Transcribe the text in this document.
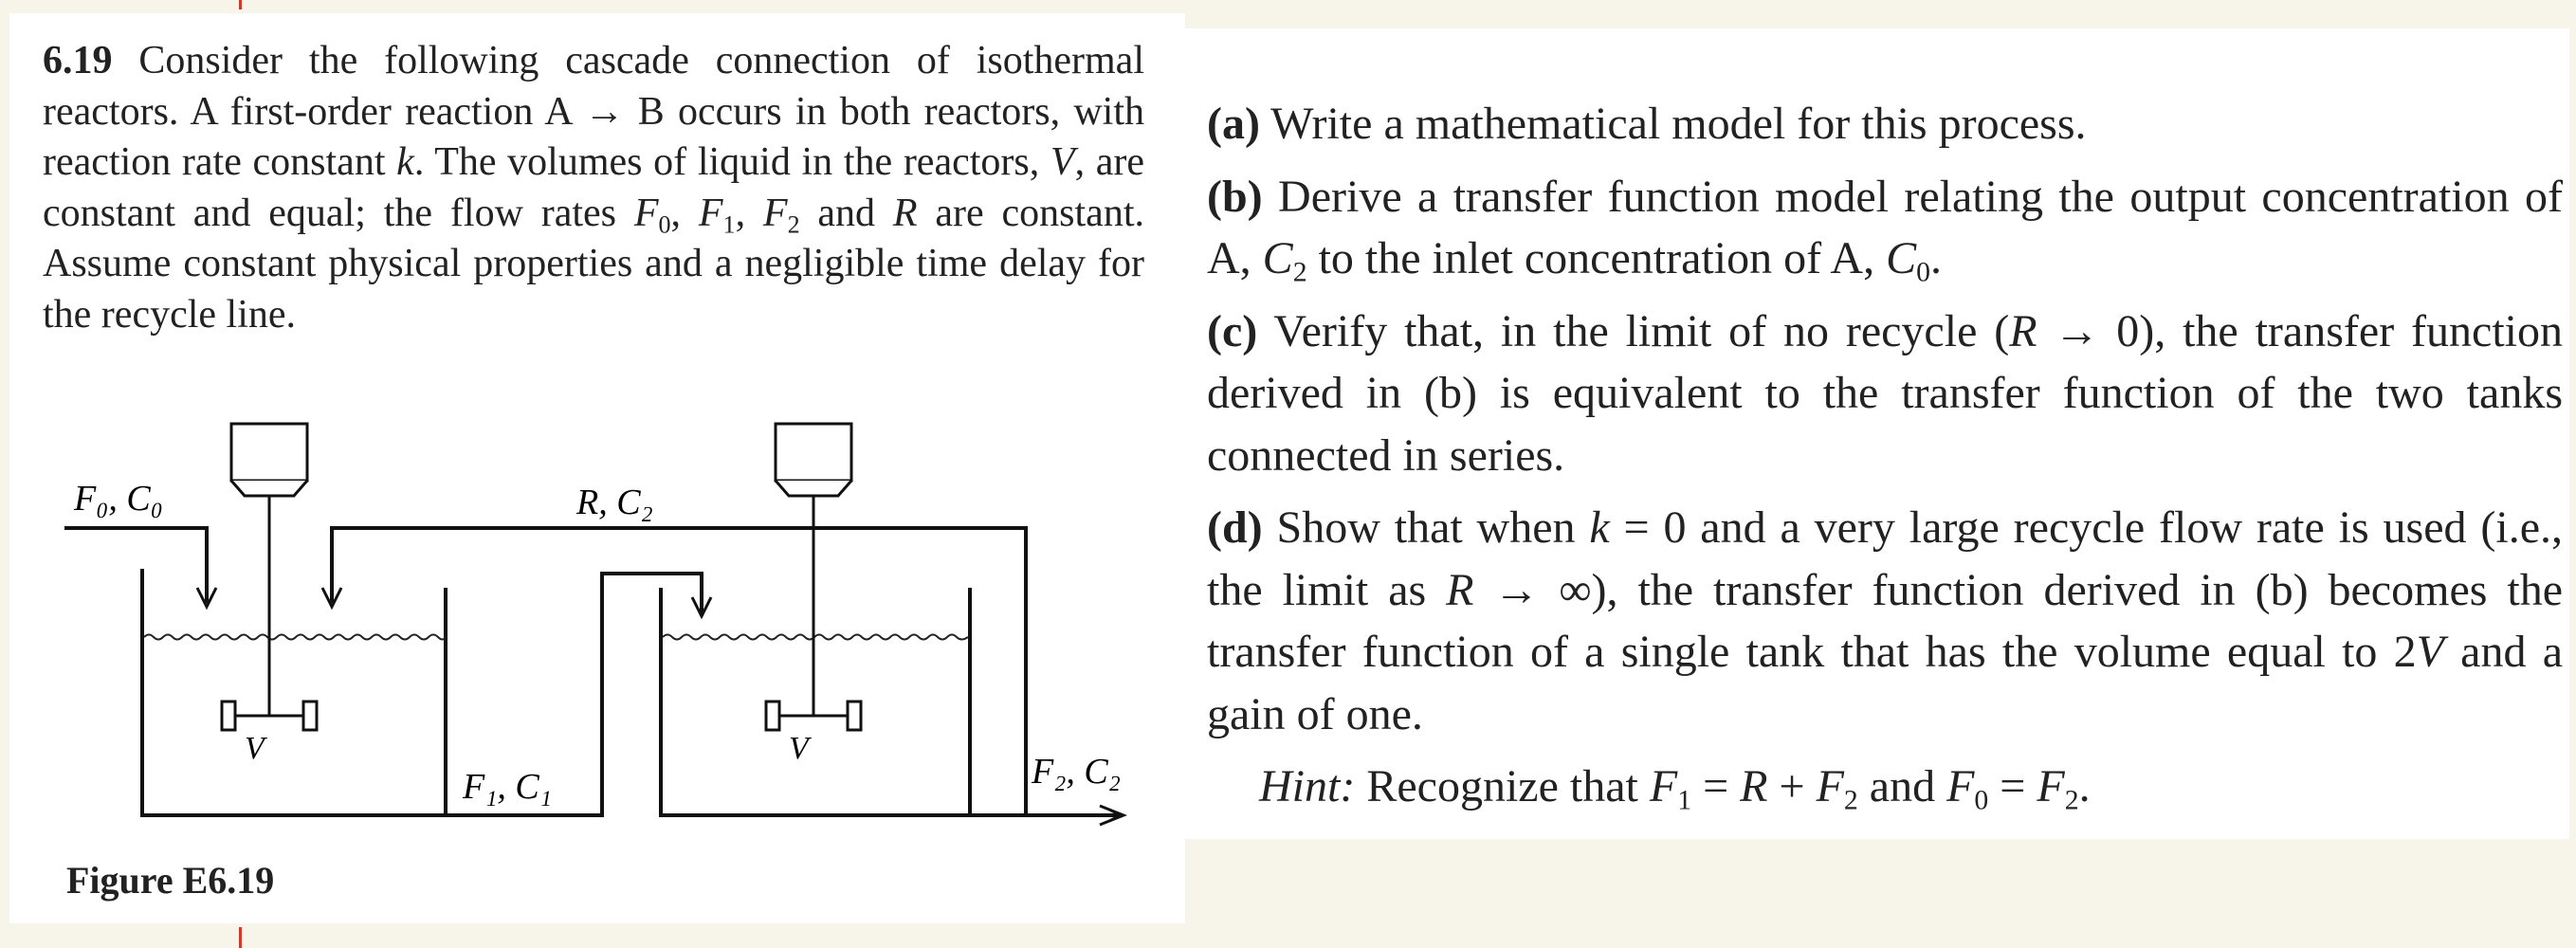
6.19 Consider the following cascade connection of isothermal reactors. A first-order reaction A → B occurs in both reactors, with reaction rate constant k. The volumes of liquid in the reactors, V, are constant and equal; the flow rates $F_0$, $F_1$, $F_2$ and R are constant. Assume constant physical properties and a negligible time delay for the recycle line.
F₀, C₀	R, C₂
V	V
F₁, C₁	F₂, C₂
Figure E6.19
(a) Write a mathematical model for this process.
(b) Derive a transfer function model relating the output concentration of A, $C_2$ to the inlet concentration of A, $C_0$.
(c) Verify that, in the limit of no recycle (R → 0), the transfer function derived in (b) is equivalent to the transfer function of the two tanks connected in series.
(d) Show that when k = 0 and a very large recycle flow rate is used (i.e., the limit as R → ∞), the transfer function derived in (b) becomes the transfer function of a single tank that has the volume equal to 2V and a gain of one.
Hint: Recognize that $F_1 = R + F_2$ and $F_0 = F_2$.
